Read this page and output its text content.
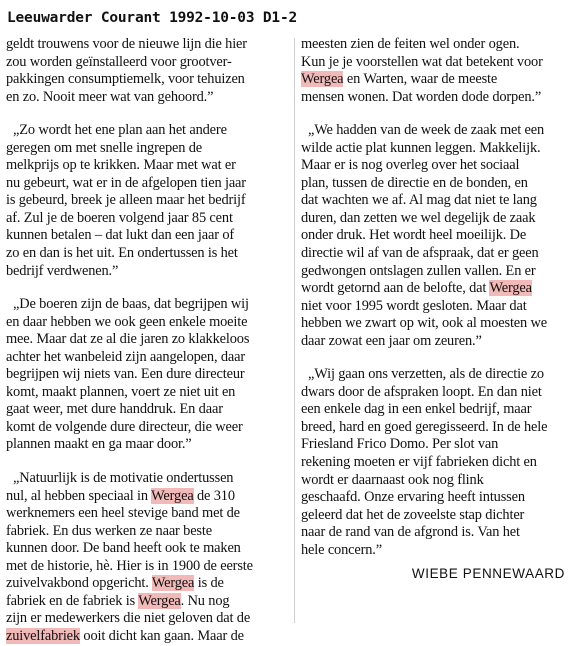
Leeuwarder Courant 1992-10-03 D1-2
geldt trouwens voor de nieuwe lijn die hier
zou worden geïnstalleerd voor grootver-
pakkingen consumptiemelk, voor tehuizen
en zo. Nooit meer wat van gehoord.”
„Zo wordt het ene plan aan het andere
geregen om met snelle ingrepen de
melkprijs op te krikken. Maar met wat er
nu gebeurt, wat er in de afgelopen tien jaar
is gebeurd, breek je alleen maar het bedrijf
af. Zul je de boeren volgend jaar 85 cent
kunnen betalen – dat lukt dan een jaar of
zo en dan is het uit. En ondertussen is het
bedrijf verdwenen.”
„De boeren zijn de baas, dat begrijpen wij
en daar hebben we ook geen enkele moeite
mee. Maar dat ze al die jaren zo klakkeloos
achter het wanbeleid zijn aangelopen, daar
begrijpen wij niets van. Een dure directeur
komt, maakt plannen, voert ze niet uit en
gaat weer, met dure handdruk. En daar
komt de volgende dure directeur, die weer
plannen maakt en ga maar door.”
„Natuurlijk is de motivatie ondertussen
nul, al hebben speciaal in Wergea de 310
werknemers een heel stevige band met de
fabriek. En dus werken ze naar beste
kunnen door. De band heeft ook te maken
met de historie, hè. Hier is in 1900 de eerste
zuivelvakbond opgericht. Wergea is de
fabriek en de fabriek is Wergea. Nu nog
zijn er medewerkers die niet geloven dat de
zuivelfabriek ooit dicht kan gaan. Maar de
meesten zien de feiten wel onder ogen.
Kun je je voorstellen wat dat betekent voor
Wergea en Warten, waar de meeste
mensen wonen. Dat worden dode dorpen.”
„We hadden van de week de zaak met een
wilde actie plat kunnen leggen. Makkelijk.
Maar er is nog overleg over het sociaal
plan, tussen de directie en de bonden, en
dat wachten we af. Al mag dat niet te lang
duren, dan zetten we wel degelijk de zaak
onder druk. Het wordt heel moeilijk. De
directie wil af van de afspraak, dat er geen
gedwongen ontslagen zullen vallen. En er
wordt getornd aan de belofte, dat Wergea
niet voor 1995 wordt gesloten. Maar dat
hebben we zwart op wit, ook al moesten we
daar zowat een jaar om zeuren.”
„Wij gaan ons verzetten, als de directie zo
dwars door de afspraken loopt. En dan niet
een enkele dag in een enkel bedrijf, maar
breed, hard en goed geregisseerd. In de hele
Friesland Frico Domo. Per slot van
rekening moeten er vijf fabrieken dicht en
wordt er daarnaast ook nog flink
geschaafd. Onze ervaring heeft intussen
geleerd dat het de zoveelste stap dichter
naar de rand van de afgrond is. Van het
hele concern.”
WIEBE PENNEWAARD
